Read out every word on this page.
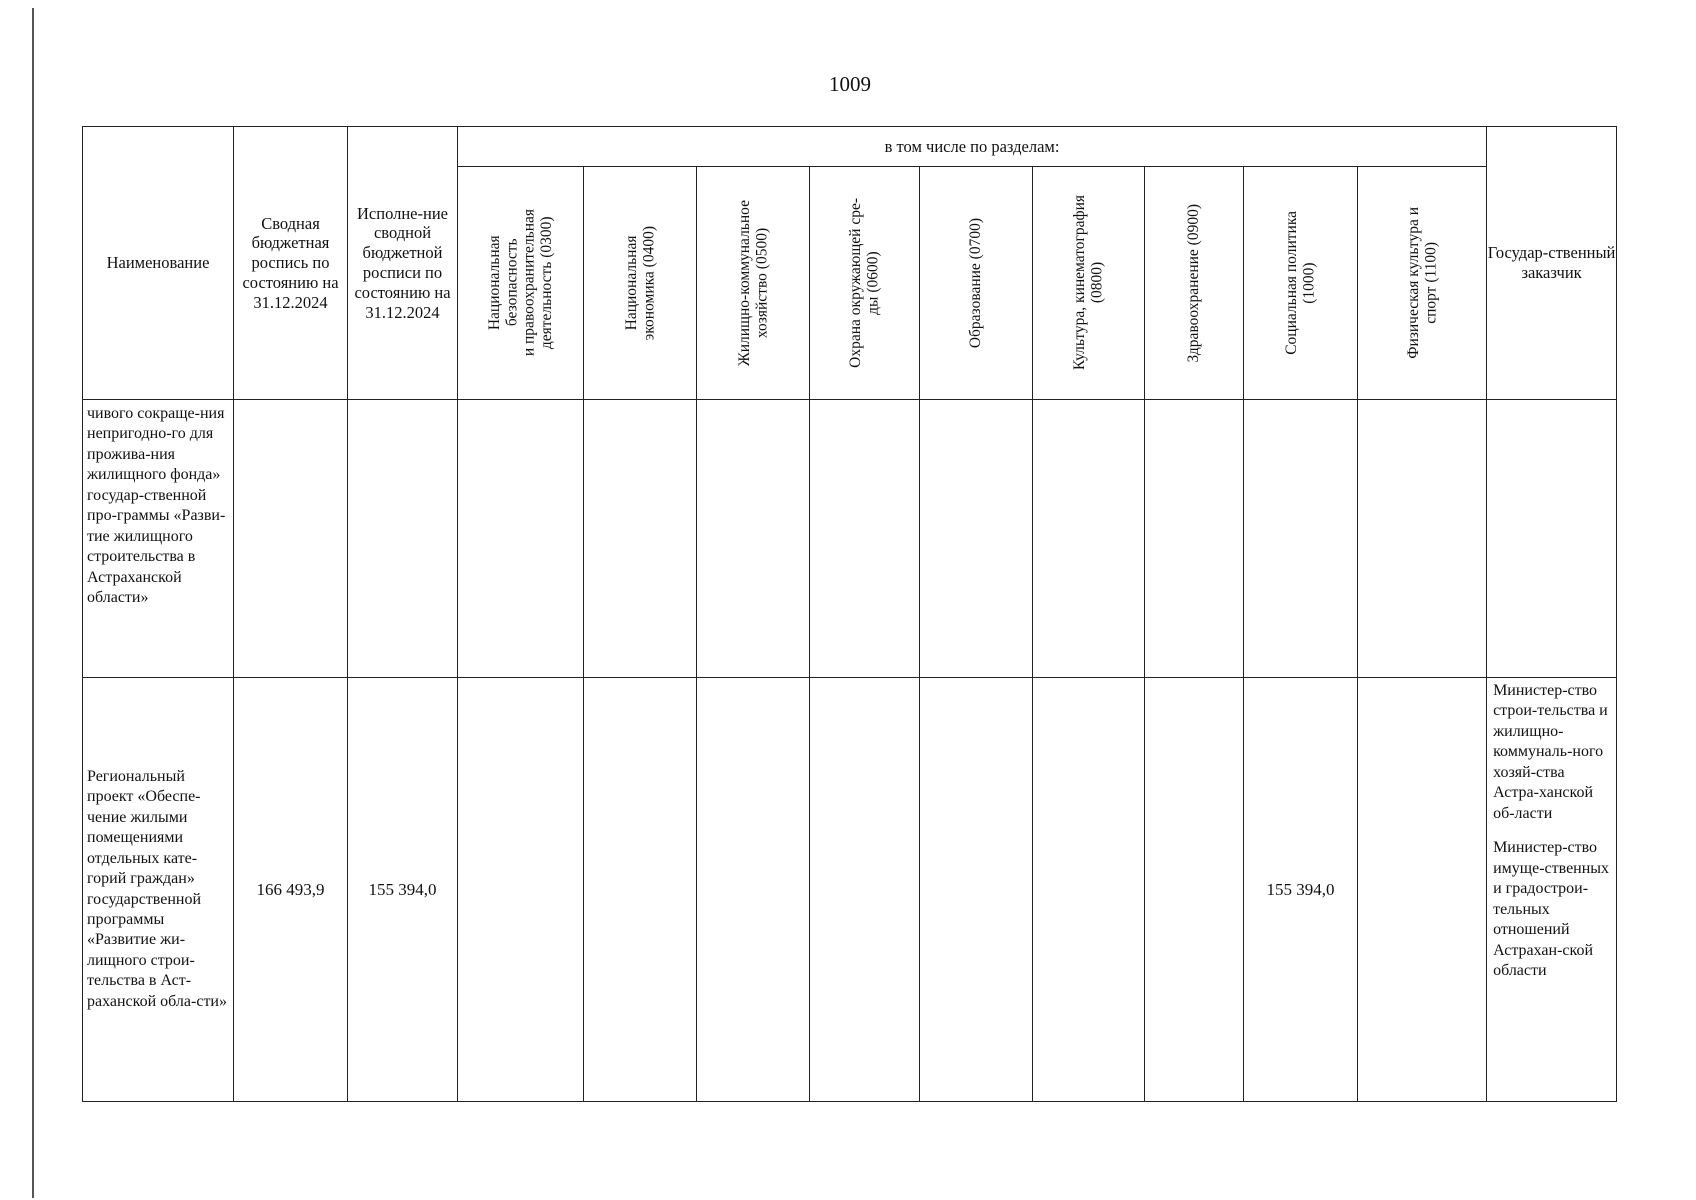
1009
Наименование	Сводная бюджетная роспись по состоянию на 31.12.2024	Исполне-ние сводной бюджетной росписи по состоянию на 31.12.2024	в том числе по разделам:									Государ-ственный заказчик

			Национальная
безопасность
и правоохранительная
деятельность (0300)	Национальная
экономика (0400)	Жилищно-коммунальное
хозяйство (0500)	Охрана окружающей сре-
ды (0600)	Образование (0700)	Культура, кинематография
(0800)	Здравоохранение (0900)	Социальная политика
(1000)	Физическая культура и
спорт (1100)	

чивого сокраще-ния непригодно-го для прожива-ния жилищного фонда» государ-ственной про-граммы «Разви-тие жилищного строительства в Астраханской области»												
Региональный проект «Обеспе-чение жилыми помещениями отдельных кате-горий граждан» государственной программы «Развитие жи-лищного строи-тельства в Аст-раханской обла-сти»	166 493,9	155 394,0								155 394,0		Министер-ство строи-тельства и жилищно-коммуналь-ного хозяй-ства Астра-ханской об-ласти

Министер-ство имуще-ственных и градострои-тельных отношений Астрахан-ской области
